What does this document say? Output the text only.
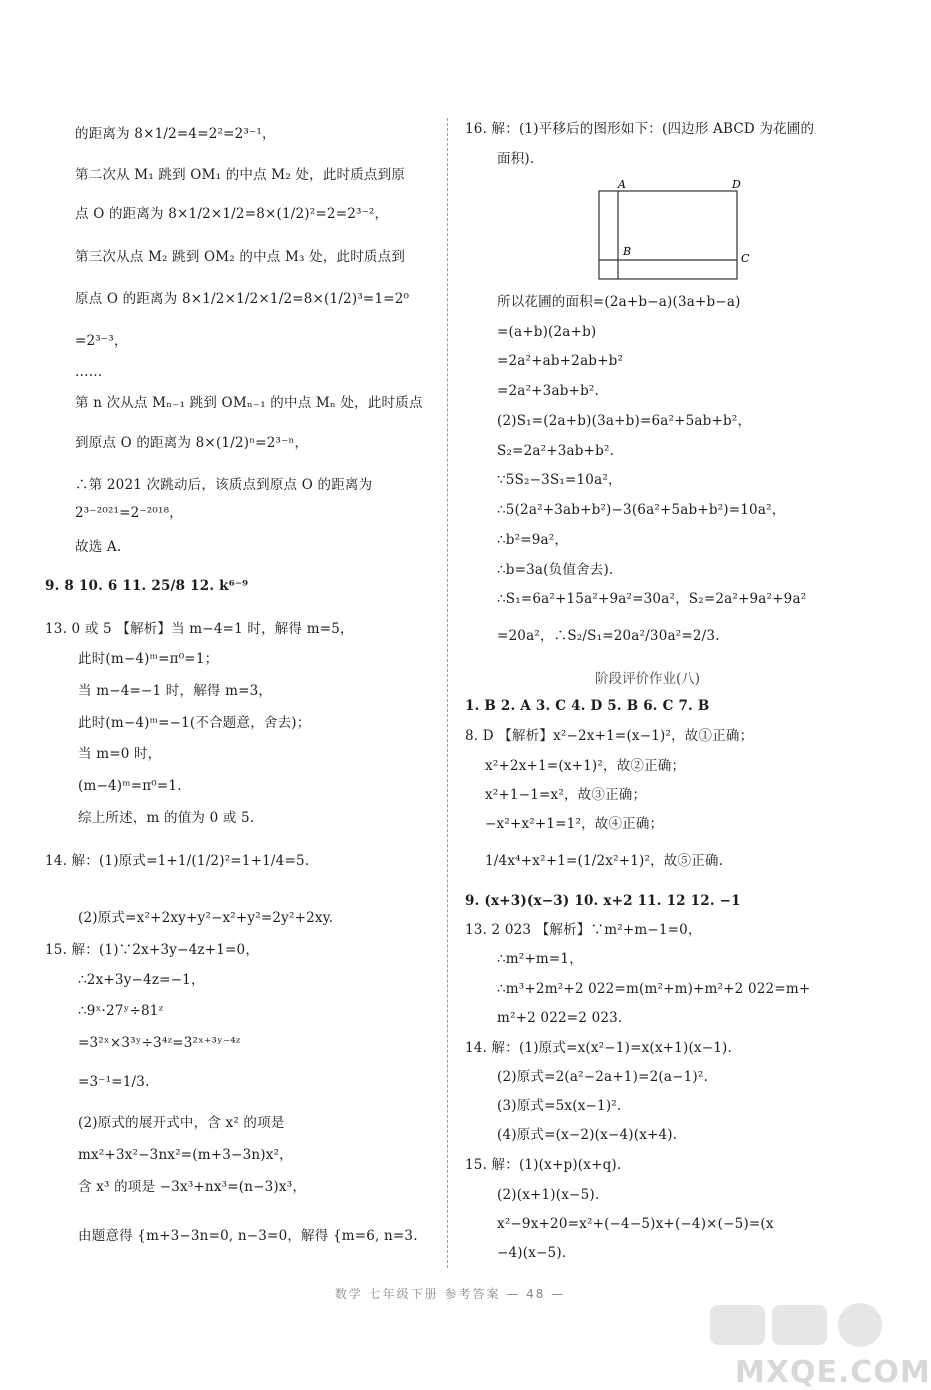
的距离为 8×1/2=4=2²=2³⁻¹，
第二次从 M₁ 跳到 OM₁ 的中点 M₂ 处，此时质点到原
点 O 的距离为 8×1/2×1/2=8×(1/2)²=2=2³⁻²，
第三次从点 M₂ 跳到 OM₂ 的中点 M₃ 处，此时质点到
原点 O 的距离为 8×1/2×1/2×1/2=8×(1/2)³=1=2⁰
=2³⁻³，
……
第 n 次从点 Mₙ₋₁ 跳到 OMₙ₋₁ 的中点 Mₙ 处，此时质点
到原点 O 的距离为 8×(1/2)ⁿ=2³⁻ⁿ，
∴第 2021 次跳动后，该质点到原点 O 的距离为
2³⁻²⁰²¹=2⁻²⁰¹⁸，
故选 A.
9. 8 10. 6 11. 25/8 12. k⁶⁻⁹
13. 0 或 5 【解析】当 m−4=1 时，解得 m=5，
此时(m−4)ᵐ=π⁰=1；
当 m−4=−1 时，解得 m=3，
此时(m−4)ᵐ=−1(不合题意，舍去)；
当 m=0 时，
(m−4)ᵐ=π⁰=1.
综上所述，m 的值为 0 或 5.
14. 解：(1)原式=1+1/(1/2)²=1+1/4=5.
(2)原式=x²+2xy+y²−x²+y²=2y²+2xy.
15. 解：(1)∵2x+3y−4z+1=0，
∴2x+3y−4z=−1，
∴9ˣ·27ʸ÷81ᶻ
=3²ˣ×3³ʸ÷3⁴ᶻ=3²ˣ⁺³ʸ⁻⁴ᶻ
=3⁻¹=1/3.
(2)原式的展开式中，含 x² 的项是
mx²+3x²−3nx²=(m+3−3n)x²，
含 x³ 的项是 −3x³+nx³=(n−3)x³，
由题意得 {m+3−3n=0, n−3=0，解得 {m=6, n=3.
16. 解：(1)平移后的图形如下：(四边形 ABCD 为花圃的
面积).
所以花圃的面积=(2a+b−a)(3a+b−a)
=(a+b)(2a+b)
=2a²+ab+2ab+b²
=2a²+3ab+b².
(2)S₁=(2a+b)(3a+b)=6a²+5ab+b²，
S₂=2a²+3ab+b².
∵5S₂−3S₁=10a²，
∴5(2a²+3ab+b²)−3(6a²+5ab+b²)=10a²，
∴b²=9a²，
∴b=3a(负值舍去).
∴S₁=6a²+15a²+9a²=30a²，S₂=2a²+9a²+9a²
=20a²，∴S₂/S₁=20a²/30a²=2/3.
1. B 2. A 3. C 4. D 5. B 6. C 7. B
8. D 【解析】x²−2x+1=(x−1)²，故①正确；
x²+2x+1=(x+1)²，故②正确；
x²+1−1=x²，故③正确；
−x²+x²+1=1²，故④正确；
1/4x⁴+x²+1=(1/2x²+1)²，故⑤正确.
9. (x+3)(x−3) 10. x+2 11. 12 12. −1
13. 2 023 【解析】∵m²+m−1=0，
∴m²+m=1，
∴m³+2m²+2 022=m(m²+m)+m²+2 022=m+
m²+2 022=2 023.
14. 解：(1)原式=x(x²−1)=x(x+1)(x−1).
(2)原式=2(a²−2a+1)=2(a−1)².
(3)原式=5x(x−1)².
(4)原式=(x−2)(x−4)(x+4).
15. 解：(1)(x+p)(x+q).
(2)(x+1)(x−5).
x²−9x+20=x²+(−4−5)x+(−4)×(−5)=(x
−4)(x−5).
A	D
B
C
阶段评价作业(八)
数学 七年级下册 参考答案 — 48 —
MXQE.COM
